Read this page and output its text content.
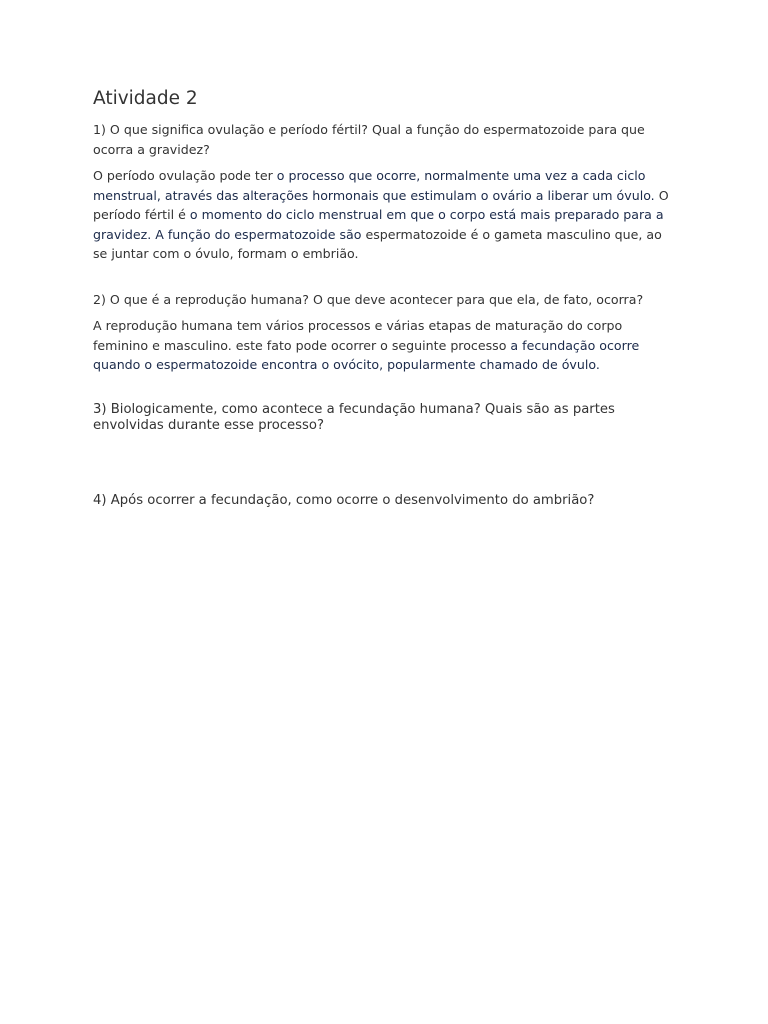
Atividade 2

1) O que significa ovulação e período fértil? Qual a função do espermatozoide para que ocorra a gravidez?

O período ovulação pode ter o processo que ocorre, normalmente uma vez a cada ciclo menstrual, através das alterações hormonais que estimulam o ovário a liberar um óvulo. O período fértil é o momento do ciclo menstrual em que o corpo está mais preparado para a gravidez. A função do espermatozoide são espermatozoide é o gameta masculino que, ao se juntar com o óvulo, formam o embrião.

2) O que é a reprodução humana? O que deve acontecer para que ela, de fato, ocorra?

A reprodução humana tem vários processos e várias etapas de maturação do corpo feminino e masculino. este fato pode ocorrer o seguinte processo a fecundação ocorre quando o espermatozoide encontra o ovócito, popularmente chamado de óvulo.

3) Biologicamente, como acontece a fecundação humana? Quais são as partes envolvidas durante esse processo?

4) Após ocorrer a fecundação, como ocorre o desenvolvimento do ambrião?
